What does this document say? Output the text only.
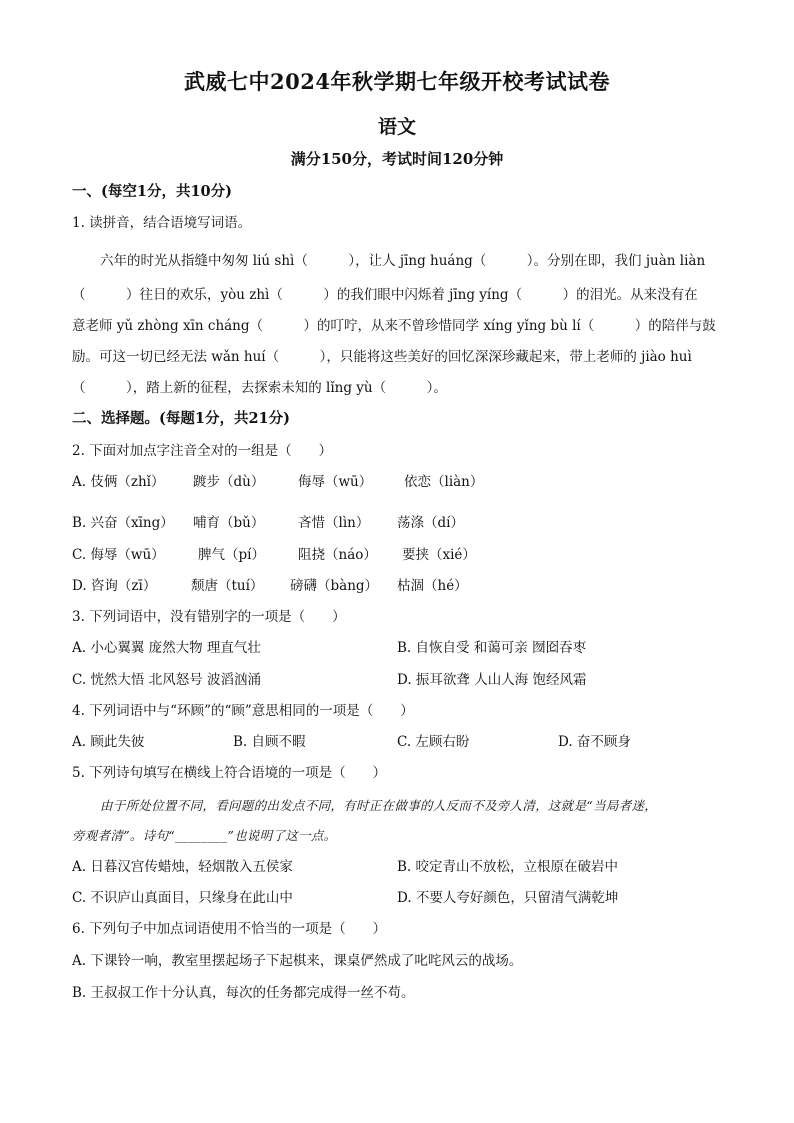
武威七中2024年秋学期七年级开校考试试卷
语文
满分150分，考试时间120分钟
一、(每空1分，共10分)
1. 读拼音，结合语境写词语。
六年的时光从指缝中匆匆 liú shì（　　　），让人 jīng huáng（　　　）。分别在即，我们 juàn liàn
（　　　）往日的欢乐，yòu zhì（　　　）的我们眼中闪烁着 jīng yíng（　　　）的泪光。从来没有在
意老师 yǔ zhòng xīn cháng（　　　）的叮咛，从来不曾珍惜同学 xíng yǐng bù lí（　　　）的陪伴与鼓
励。可这一切已经无法 wǎn huí（　　　），只能将这些美好的回忆深深珍藏起来，带上老师的 jiào huì
（　　　），踏上新的征程，去探索未知的 lǐng yù（　　　）。
二、选择题。(每题1分，共21分)
2. 下面对加点字注音全对的一组是（　　）
A. 伎俩（zhǐ） 踱步（dù） 侮辱（wū） 依恋（liàn）
B. 兴奋（xīng） 哺育（bǔ） 吝惜（lìn） 荡涤（dí）
C. 侮辱（wū） 脾气（pí） 阻挠（náo） 要挟（xié）
D. 咨询（zī）	颓唐（tuí） 磅礴（bàng） 枯涸（hé）
3. 下列词语中，没有错别字的一项是（　　）
A. 小心翼翼 庞然大物 理直气壮	B. 自恢自受 和蔼可亲 囫囵吞枣
C. 恍然大悟 北风怒号 波滔汹涌	D. 振耳欲聋 人山人海 饱经风霜
4. 下列词语中与“环顾”的“顾”意思相同的一项是（　　）
A. 顾此失彼	B. 自顾不暇	C. 左顾右盼	D. 奋不顾身
5. 下列诗句填写在横线上符合语境的一项是（　　）
由于所处位置不同，看问题的出发点不同，有时正在做事的人反而不及旁人清，这就是“当局者迷，
旁观者清”。诗句“________”也说明了这一点。
A. 日暮汉宫传蜡烛，轻烟散入五侯家	B. 咬定青山不放松，立根原在破岩中
C. 不识庐山真面目，只缘身在此山中	D. 不要人夸好颜色，只留清气满乾坤
6. 下列句子中加点词语使用不恰当的一项是（　　）
A. 下课铃一响，教室里摆起场子下起棋来，课桌俨然成了叱咤风云的战场。
B. 王叔叔工作十分认真，每次的任务都完成得一丝不苟。
